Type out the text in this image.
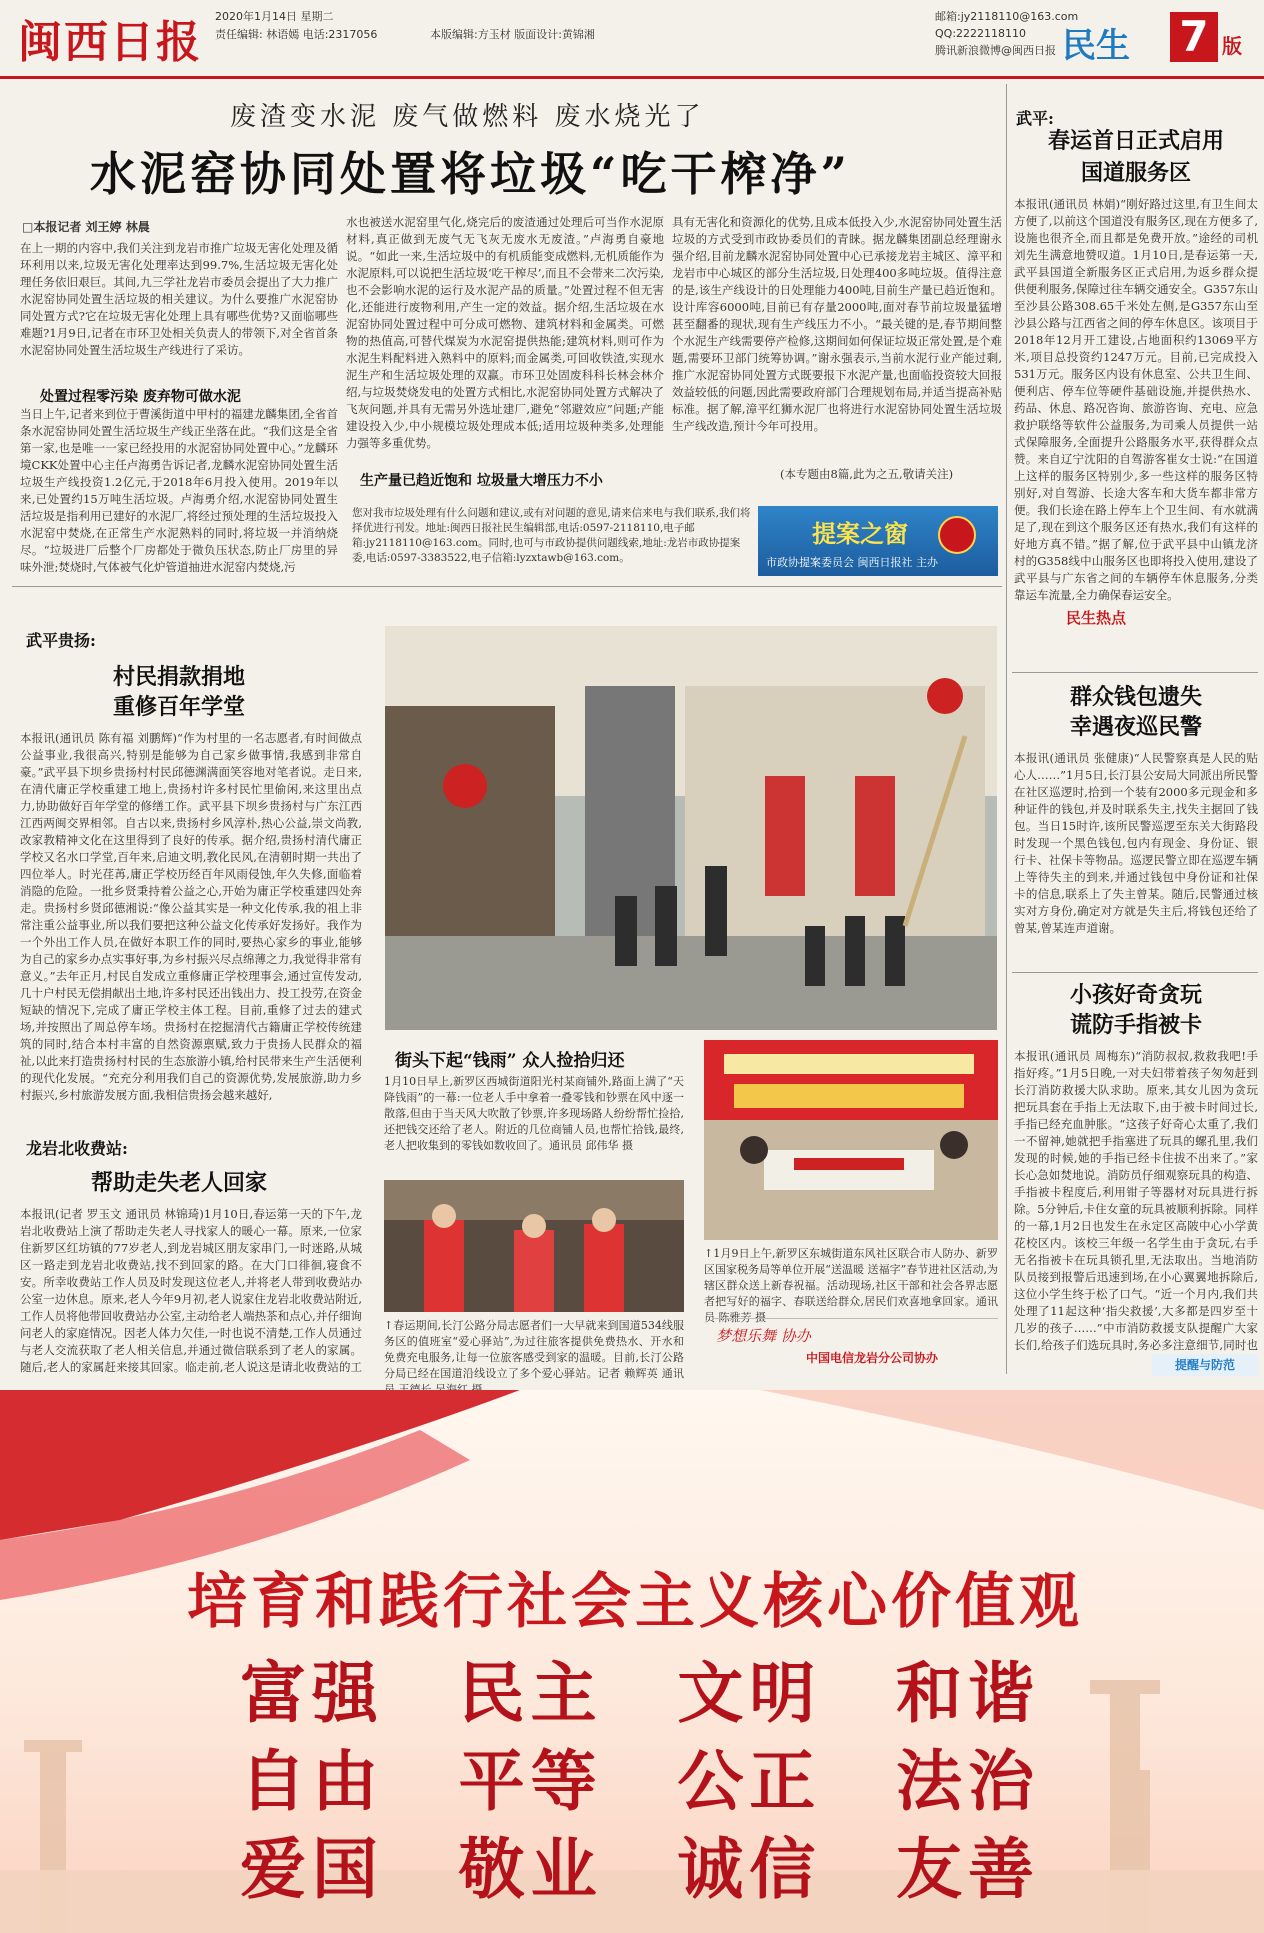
闽西日报
2020年1月14日 星期二
责任编辑: 林语嫣 电话:2317056	本版编辑:方玉材 版面设计:黄锦湘
邮箱:jy2118110@163.com
QQ:2222118110
腾讯新浪微博@闽西日报 民生 7 版
废渣变水泥 废气做燃料 废水烧光了
水泥窑协同处置将垃圾“吃干榨净”
□本报记者 刘王婷 林晨
在上一期的内容中,我们关注到龙岩市推广垃圾无害化处理及循环利用以来,垃圾无害化处理率达到99.7%,生活垃圾无害化处理任务依旧艰巨。其间,九三学社龙岩市委员会提出了大力推广水泥窑协同处置生活垃圾的相关建议。为什么要推广水泥窑协同处置方式?它在垃圾无害化处理上具有哪些优势?又面临哪些难题?1月9日,记者在市环卫处相关负责人的带领下,对全省首条水泥窑协同处置生活垃圾生产线进行了采访。
处置过程零污染 废弃物可做水泥
当日上午,记者来到位于曹溪街道中甲村的福建龙麟集团,全省首条水泥窑协同处置生活垃圾生产线正坐落在此。“我们这是全省第一家,也是唯一一家已经投用的水泥窑协同处置中心。”龙麟环境CKK处置中心主任卢海勇告诉记者,龙麟水泥窑协同处置生活垃圾生产线投资1.2亿元,于2018年6月投入使用。2019年以来,已处置约15万吨生活垃圾。卢海勇介绍,水泥窑协同处置生活垃圾是指利用已建好的水泥厂,将经过预处理的生活垃圾投入水泥窑中焚烧,在正常生产水泥熟料的同时,将垃圾一并消纳烧尽。“垃圾进厂后整个厂房都处于微负压状态,防止厂房里的异味外泄;焚烧时,气体被气化炉管道抽进水泥窑内焚烧,污
水也被送水泥窑里气化,烧完后的废渣通过处理后可当作水泥原材料,真正做到无废气无飞灰无废水无废渣。”卢海勇自豪地说。“如此一来,生活垃圾中的有机质能变成燃料,无机质能作为水泥原料,可以说把生活垃圾‘吃干榨尽’,而且不会带来二次污染,也不会影响水泥的运行及水泥产品的质量。”处置过程不但无害化,还能进行废物利用,产生一定的效益。据介绍,生活垃圾在水泥窑协同处置过程中可分成可燃物、建筑材料和金属类。可燃物的热值高,可替代煤炭为水泥窑提供热能;建筑材料,则可作为水泥生料配料进入熟料中的原料;而金属类,可回收铁渣,实现水泥生产和生活垃圾处理的双赢。市环卫处固废科科长林会林介绍,与垃圾焚烧发电的处置方式相比,水泥窑协同处置方式解决了飞灰问题,并具有无需另外选址建厂,避免“邻避效应”问题;产能建设投入少,中小规模垃圾处理成本低;适用垃圾种类多,处理能力强等多重优势。
生产量已趋近饱和 垃圾量大增压力不小
具有无害化和资源化的优势,且成本低投入少,水泥窑协同处置生活垃圾的方式受到市政协委员们的青睐。据龙麟集团副总经理谢永强介绍,目前龙麟水泥窑协同处置中心已承接龙岩主城区、漳平和龙岩市中心城区的部分生活垃圾,日处理400多吨垃圾。值得注意的是,该生产线设计的日处理能力400吨,目前生产量已趋近饱和。设计库容6000吨,目前已有存量2000吨,面对春节前垃圾量猛增甚至翻番的现状,现有生产线压力不小。“最关键的是,春节期间整个水泥生产线需要停产检修,这期间如何保证垃圾正常处置,是个难题,需要环卫部门统筹协调。”谢永强表示,当前水泥行业产能过剩,推广水泥窑协同处置方式既要报下水泥产量,也面临投资较大回报效益较低的问题,因此需要政府部门合理规划布局,并适当提高补贴标准。据了解,漳平红狮水泥厂也将进行水泥窑协同处置生活垃圾生产线改造,预计今年可投用。
(本专题由8篇,此为之五,敬请关注)
您对我市垃圾处理有什么问题和建议,或有对问题的意见,请来信来电与我们联系,我们将择优进行刊发。地址:闽西日报社民生编辑部,电话:0597-2118110,电子邮箱:jy2118110@163.com。同时,也可与市政协提供问题线索,地址:龙岩市政协提案委,电话:0597-3383522,电子信箱:lyzxtawb@163.com。
提案之窗
市政协提案委员会 闽西日报社 主办
武平:
春运首日正式启用
国道服务区
本报讯(通讯员 林娟)“刚好路过这里,有卫生间太方便了,以前这个国道没有服务区,现在方便多了,设施也很齐全,而且都是免费开放。”途经的司机刘先生满意地赞叹道。1月10日,是春运第一天,武平县国道全新服务区正式启用,为返乡群众提供便利服务,保障过往车辆交通安全。G357东山至沙县公路308.65千米处左侧,是G357东山至沙县公路与江西省之间的停车休息区。该项目于2018年12月开工建设,占地面积约13069平方米,项目总投资约1247万元。目前,已完成投入531万元。服务区内设有休息室、公共卫生间、便利店、停车位等硬件基础设施,并提供热水、药品、休息、路况咨询、旅游咨询、充电、应急救护联络等软件公益服务,为司乘人员提供一站式保障服务,全面提升公路服务水平,获得群众点赞。来自辽宁沈阳的自驾游客崔女士说:“在国道上这样的服务区特别少,多一些这样的服务区特别好,对自驾游、长途大客车和大货车都非常方便。我们长途在路上停车上个卫生间、有水就满足了,现在到这个服务区还有热水,我们有这样的好地方真不错。”据了解,位于武平县中山镇龙济村的G358线中山服务区也即将投入使用,建设了武平县与广东省之间的车辆停车休息服务,分类靠运车流量,全力确保春运安全。
民生热点
武平贵扬:
村民捐款捐地
重修百年学堂
本报讯(通讯员 陈有福 刘鹏辉)“作为村里的一名志愿者,有时间做点公益事业,我很高兴,特别是能够为自己家乡做事情,我感到非常自豪。”武平县下坝乡贵扬村村民邱德渊满面笑容地对笔者说。走日来,在清代庸正学校重建工地上,贵扬村许多村民忙里偷闲,来这里出点力,协助做好百年学堂的修缮工作。武平县下坝乡贵扬村与广东江西江西两闽交界相邻。自古以来,贵扬村乡风淳朴,热心公益,崇文尚教,改家教精神文化在这里得到了良好的传承。据介绍,贵扬村清代庸正学校又名水口学堂,百年来,启迪文明,教化民风,在清朝时期一共出了四位举人。时光荏苒,庸正学校历经百年风雨侵蚀,年久失修,面临着消隐的危险。一批乡贤秉持着公益之心,开始为庸正学校重建四处奔走。贵扬村乡贤邱德湘说:“像公益其实是一种文化传承,我的祖上非常注重公益事业,所以我们要把这种公益文化传承好发扬好。我作为一个外出工作人员,在做好本职工作的同时,要热心家乡的事业,能够为自己的家乡办点实事好事,为乡村振兴尽点绵薄之力,我觉得非常有意义。”去年正月,村民自发成立重修庸正学校理事会,通过宣传发动,几十户村民无偿捐献出土地,许多村民还出钱出力、投工投劳,在资金短缺的情况下,完成了庸正学校主体工程。目前,重修了过去的建式场,并按照出了周总停车场。贵扬村在挖掘清代古籍庸正学校传统建筑的同时,结合本村丰富的自然资源禀赋,致力于贵扬人民群众的福祉,以此来打造贵扬村村民的生态旅游小镇,给村民带来生产生活便利的现代化发展。“充充分利用我们自己的资源优势,发展旅游,助力乡村振兴,乡村旅游发展方面,我相信贵扬会越来越好,
龙岩北收费站:
帮助走失老人回家
本报讯(记者 罗玉文 通讯员 林锦琦)1月10日,春运第一天的下午,龙岩北收费站上演了帮助走失老人寻找家人的暖心一幕。原来,一位家住新罗区红坊镇的77岁老人,到龙岩城区朋友家串门,一时迷路,从城区一路走到龙岩北收费站,找不到回家的路。在大门口徘徊,寝食不安。所幸收费站工作人员及时发现这位老人,并将老人带到收费站办公室一边休息。原来,老人今年9月初,老人说家住龙岩北收费站附近,工作人员将他带回收费站办公室,主动给老人端热茶和点心,并仔细询问老人的家庭情况。因老人体力欠佳,一时也说不清楚,工作人员通过与老人交流获取了老人相关信息,并通过微信联系到了老人的家属。随后,老人的家属赶来接其回家。临走前,老人说这是请北收费站的工
街头下起“钱雨” 众人捡拾归还
1月10日早上,新罗区西城街道阳光村某商铺外,路面上满了“天降钱雨”的一幕:一位老人手中拿着一叠零钱和钞票在风中逐一散落,但由于当天风大吹散了钞票,许多现场路人纷纷帮忙捡拾,还把钱交还给了老人。附近的几位商铺人员,也帮忙拾钱,最终,老人把收集到的零钱如数收回了。通讯员 邱伟华 摄
↑春运期间,长汀公路分局志愿者们一大早就来到国道534线服务区的值班室“爱心驿站”,为过往旅客提供免费热水、开水和免费充电服务,让每一位旅客感受到家的温暖。目前,长汀公路分局已经在国道沿线设立了多个爱心驿站。记者 赖辉英 通讯
↑1月9日上午,新罗区东城街道东风社区联合市人防办、新罗区国家税务局等单位开展“送温暖 送福字”春节进社区活动,为辖区群众送上新春祝福。活动现场,社区干部和社会各界志愿者把写好的福字、春联送给群众,居民们欢喜地拿回家。通讯员 陈雅芳 摄
梦想乐舞 协办
中国电信龙岩分公司协办
群众钱包遗失
幸遇夜巡民警
本报讯(通讯员 张健康)“人民警察真是人民的贴心人……”1月5日,长汀县公安局大同派出所民警在社区巡逻时,拾到一个装有2000多元现金和多种证件的钱包,并及时联系失主,找失主据回了钱包。当日15时许,该所民警巡逻至东关大街路段时发现一个黑色钱包,包内有现金、身份证、银行卡、社保卡等物品。巡逻民警立即在巡逻车辆上等待失主的到来,并通过钱包中身份证和社保卡的信息,联系上了失主曾某。随后,民警通过核实对方身份,确定对方就是失主后,将钱包还给了曾某,曾某连声道谢。
小孩好奇贪玩
谎防手指被卡
本报讯(通讯员 周梅东)“消防叔叔,救救我吧!手指好疼。”1月5日晚,一对夫妇带着孩子匆匆赶到长汀消防救援大队求助。原来,其女儿因为贪玩把玩具套在手指上无法取下,由于被卡时间过长,手指已经充血肿胀。“这孩子好奇心太重了,我们一不留神,她就把手指塞进了玩具的螺孔里,我们发现的时候,她的手指已经卡住拔不出来了。”家长心急如焚地说。消防员仔细观察玩具的构造、手指被卡程度后,利用钳子等器材对玩具进行拆除。5分钟后,卡住女童的玩具被顺利拆除。同样的一幕,1月2日也发生在永定区高陂中心小学黄花校区内。该校三年级一名学生由于贪玩,右手无名指被卡在玩具锁孔里,无法取出。当地消防队员接到报警后迅速到场,在小心翼翼地拆除后,这位小学生终于松了口气。“近一个月内,我们共处理了11起这种‘指尖救援’,大多都是四岁至十几岁的孩子……”中市消防救援支队提醒广大家长们,给孩子们选玩具时,务必多注意细节,同时也
提醒与防范
培育和践行社会主义核心价值观
富强 民主 文明 和谐
自由 平等 公正 法治
爱国 敬业 诚信 友善
